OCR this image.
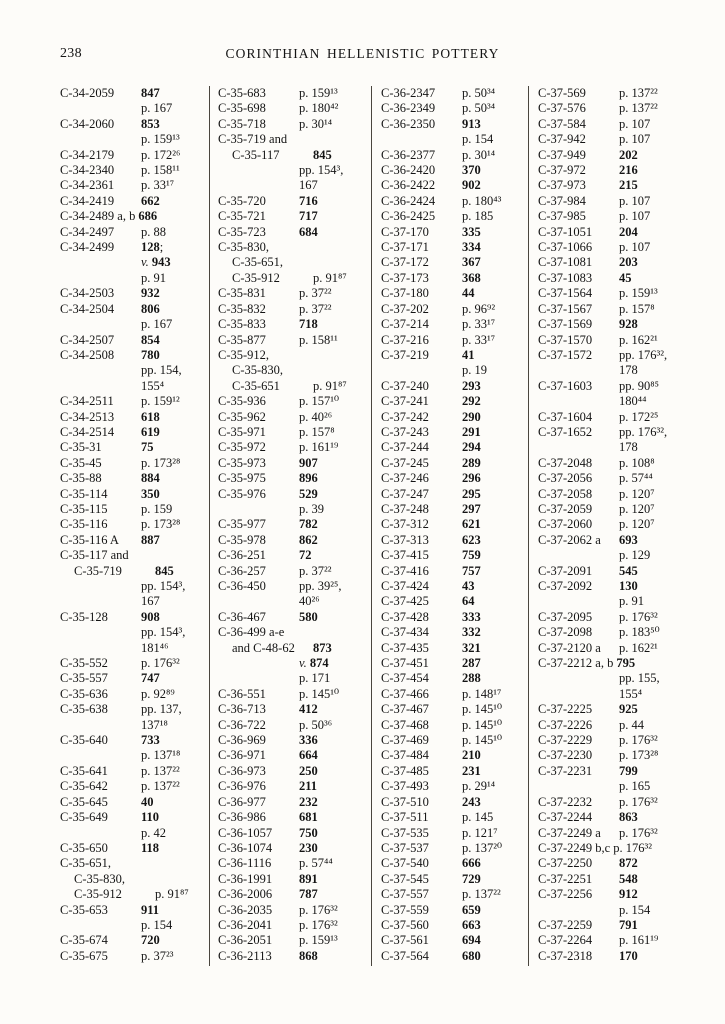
238	CORINTHIAN HELLENISTIC POTTERY
C-34-2059	847
p. 167
C-34-2060	853
p. 159¹³
C-34-2179	p. 172²⁶
C-34-2340	p. 158¹¹
C-34-2361	p. 33¹⁷
C-34-2419	662
C-34-2489 a, b 686
C-34-2497	p. 88
C-34-2499	128;
v. 943
p. 91
C-34-2503	932
C-34-2504	806
p. 167
C-34-2507	854
C-34-2508	780
pp. 154,
155⁴
C-34-2511	p. 159¹²
C-34-2513	618
C-34-2514	619
C-35-31	75
C-35-45	p. 173²⁸
C-35-88	884
C-35-114	350
C-35-115	p. 159
C-35-116	p. 173²⁸
C-35-116 A	887
C-35-117 and
C-35-719	845
pp. 154³,
167
C-35-128	908
pp. 154³,
181⁴⁶
C-35-552	p. 176³²
C-35-557	747
C-35-636	p. 92⁸⁹
C-35-638	pp. 137,
137¹⁸
C-35-640	733
p. 137¹⁸
C-35-641	p. 137²²
C-35-642	p. 137²²
C-35-645	40
C-35-649	110
p. 42
C-35-650	118
C-35-651,
C-35-830,
C-35-912	p. 91⁸⁷
C-35-653	911
p. 154
C-35-674	720
C-35-675	p. 37²³
C-35-683	p. 159¹³
C-35-698	p. 180⁴²
C-35-718	p. 30¹⁴
C-35-719 and
C-35-117	845
pp. 154³,
167
C-35-720	716
C-35-721	717
C-35-723	684
C-35-830,
C-35-651,
C-35-912	p. 91⁸⁷
C-35-831	p. 37²²
C-35-832	p. 37²²
C-35-833	718
C-35-877	p. 158¹¹
C-35-912,
C-35-830,
C-35-651	p. 91⁸⁷
C-35-936	p. 157¹⁰
C-35-962	p. 40²⁶
C-35-971	p. 157⁸
C-35-972	p. 161¹⁹
C-35-973	907
C-35-975	896
C-35-976	529
p. 39
C-35-977	782
C-35-978	862
C-36-251	72
C-36-257	p. 37²²
C-36-450	pp. 39²⁵,
40²⁶
C-36-467	580
C-36-499 a-e
and C-48-62	873
v. 874
p. 171
C-36-551	p. 145¹⁰
C-36-713	412
C-36-722	p. 50³⁶
C-36-969	336
C-36-971	664
C-36-973	250
C-36-976	211
C-36-977	232
C-36-986	681
C-36-1057	750
C-36-1074	230
C-36-1116	p. 57⁴⁴
C-36-1991	891
C-36-2006	787
C-36-2035	p. 176³²
C-36-2041	p. 176³²
C-36-2051	p. 159¹³
C-36-2113	868
C-36-2347	p. 50³⁴
C-36-2349	p. 50³⁴
C-36-2350	913
p. 154
C-36-2377	p. 30¹⁴
C-36-2420	370
C-36-2422	902
C-36-2424	p. 180⁴³
C-36-2425	p. 185
C-37-170	335
C-37-171	334
C-37-172	367
C-37-173	368
C-37-180	44
C-37-202	p. 96⁹²
C-37-214	p. 33¹⁷
C-37-216	p. 33¹⁷
C-37-219	41
p. 19
C-37-240	293
C-37-241	292
C-37-242	290
C-37-243	291
C-37-244	294
C-37-245	289
C-37-246	296
C-37-247	295
C-37-248	297
C-37-312	621
C-37-313	623
C-37-415	759
C-37-416	757
C-37-424	43
C-37-425	64
C-37-428	333
C-37-434	332
C-37-435	321
C-37-451	287
C-37-454	288
C-37-466	p. 148¹⁷
C-37-467	p. 145¹⁰
C-37-468	p. 145¹⁰
C-37-469	p. 145¹⁰
C-37-484	210
C-37-485	231
C-37-493	p. 29¹⁴
C-37-510	243
C-37-511	p. 145
C-37-535	p. 121⁷
C-37-537	p. 137²⁰
C-37-540	666
C-37-545	729
C-37-557	p. 137²²
C-37-559	659
C-37-560	663
C-37-561	694
C-37-564	680
C-37-569	p. 137²²
C-37-576	p. 137²²
C-37-584	p. 107
C-37-942	p. 107
C-37-949	202
C-37-972	216
C-37-973	215
C-37-984	p. 107
C-37-985	p. 107
C-37-1051	204
C-37-1066	p. 107
C-37-1081	203
C-37-1083	45
C-37-1564	p. 159¹³
C-37-1567	p. 157⁸
C-37-1569	928
C-37-1570	p. 162²¹
C-37-1572	pp. 176³²,
178
C-37-1603	pp. 90⁸⁵
180⁴⁴
C-37-1604	p. 172²⁵
C-37-1652	pp. 176³²,
178
C-37-2048	p. 108⁸
C-37-2056	p. 57⁴⁴
C-37-2058	p. 120⁷
C-37-2059	p. 120⁷
C-37-2060	p. 120⁷
C-37-2062 a	693
p. 129
C-37-2091	545
C-37-2092	130
p. 91
C-37-2095	p. 176³²
C-37-2098	p. 183⁵⁰
C-37-2120 a	p. 162²¹
C-37-2212 a, b 795
pp. 155,
155⁴
C-37-2225	925
C-37-2226	p. 44
C-37-2229	p. 176³²
C-37-2230	p. 173²⁸
C-37-2231	799
p. 165
C-37-2232	p. 176³²
C-37-2244	863
C-37-2249 a	p. 176³²
C-37-2249 b,c p. 176³²
C-37-2250	872
C-37-2251	548
C-37-2256	912
p. 154
C-37-2259	791
C-37-2264	p. 161¹⁹
C-37-2318	170
